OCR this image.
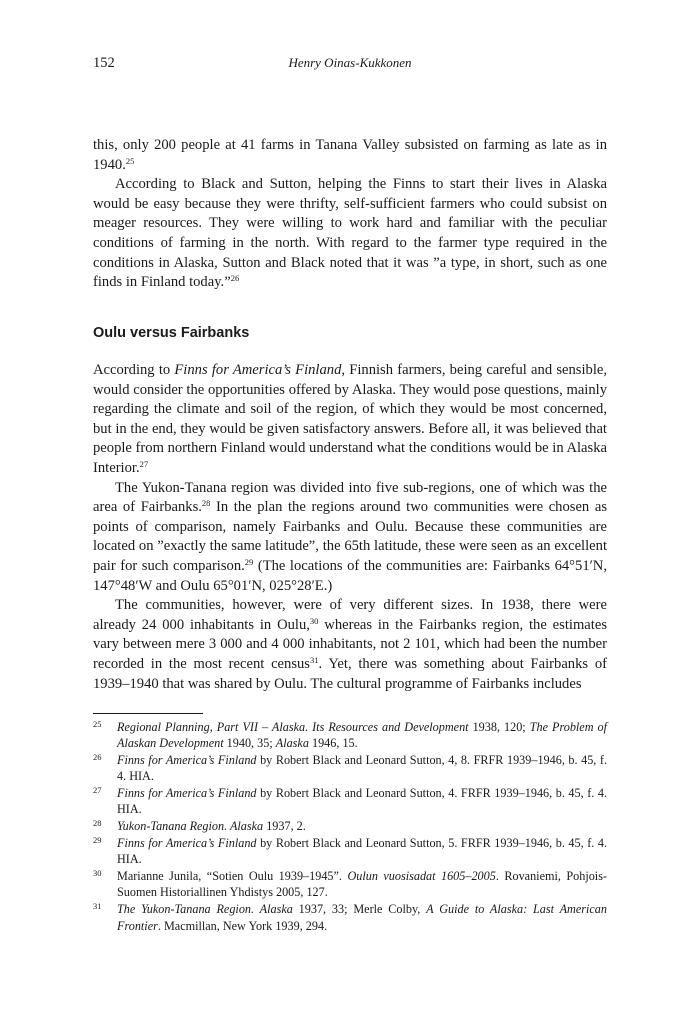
152	Henry Oinas-Kukkonen

this, only 200 people at 41 farms in Tanana Valley subsisted on farming as late as in 1940.25

According to Black and Sutton, helping the Finns to start their lives in Alaska would be easy because they were thrifty, self-sufficient farmers who could subsist on meager resources. They were willing to work hard and familiar with the peculiar conditions of farming in the north. With regard to the farmer type required in the conditions in Alaska, Sutton and Black noted that it was ”a type, in short, such as one finds in Finland today.”$^{26}$

Oulu versus Fairbanks

According to Finns for America’s Finland, Finnish farmers, being careful and sensible, would consider the opportunities offered by Alaska. They would pose questions, mainly regarding the climate and soil of the region, of which they would be most concerned, but in the end, they would be given satisfactory answers. Before all, it was believed that people from northern Finland would understand what the conditions would be in Alaska Interior.$^{27}$

The Yukon-Tanana region was divided into five sub-regions, one of which was the area of Fairbanks.$^{28}$ In the plan the regions around two communities were chosen as points of comparison, namely Fairbanks and Oulu. Because these communities are located on ”exactly the same latitude”, the 65th latitude, these were seen as an excellent pair for such comparison.$^{29}$ (The locations of the communities are: Fairbanks 64°51′N, 147°48′W and Oulu 65°01′N, 025°28′E.)

The communities, however, were of very different sizes. In 1938, there were already 24 000 inhabitants in Oulu,$^{30}$ whereas in the Fairbanks region, the estimates vary between mere 3 000 and 4 000 inhabitants, not 2 101, which had been the number recorded in the most recent census$^{31}$. Yet, there was something about Fairbanks of 1939–1940 that was shared by Oulu. The cultural programme of Fairbanks includes

25 Regional Planning, Part VII – Alaska. Its Resources and Development 1938, 120; The Problem of Alaskan Development 1940, 35; Alaska 1946, 15.
26 Finns for America’s Finland by Robert Black and Leonard Sutton, 4, 8. FRFR 1939–1946, b. 45, f. 4. HIA.
27 Finns for America’s Finland by Robert Black and Leonard Sutton, 4. FRFR 1939–1946, b. 45, f. 4. HIA.
28 Yukon-Tanana Region. Alaska 1937, 2.
29 Finns for America’s Finland by Robert Black and Leonard Sutton, 5. FRFR 1939–1946, b. 45, f. 4. HIA.
30 Marianne Junila, “Sotien Oulu 1939–1945”. Oulun vuosisadat 1605–2005. Rovaniemi, Pohjois-Suomen Historiallinen Yhdistys 2005, 127.
31 The Yukon-Tanana Region. Alaska 1937, 33; Merle Colby, A Guide to Alaska: Last American Frontier. Macmillan, New York 1939, 294.
